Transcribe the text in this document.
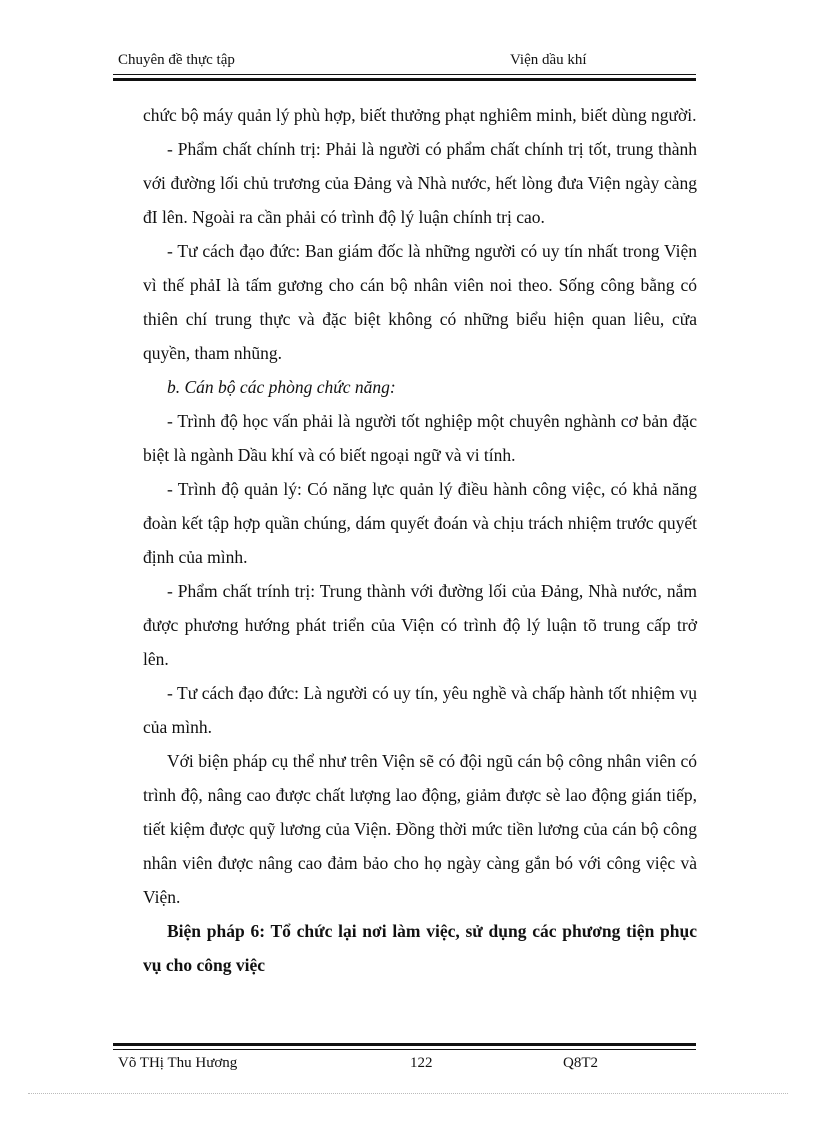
Chuyên đề thực tập	Viện dầu khí

chức bộ máy quản lý phù hợp, biết thưởng phạt nghiêm minh, biết dùng người.

- Phẩm chất chính trị: Phải là người có phẩm chất chính trị tốt, trung thành với đường lối chủ trương của Đảng và Nhà nước, hết lòng đưa Viện ngày càng đI lên. Ngoài ra cần phải có trình độ lý luận chính trị cao.

- Tư cách đạo đức: Ban giám đốc là những người có uy tín nhất trong Viện vì thế phảI là tấm gương cho cán bộ nhân viên noi theo. Sống công bằng có thiên chí trung thực và đặc biệt không có những biểu hiện quan liêu, cửa quyền, tham nhũng.

b. Cán bộ các phòng chức năng:

- Trình độ học vấn phải là người tốt nghiệp một chuyên nghành cơ bản đặc biệt là ngành Dầu khí và có biết ngoại ngữ và vi tính.

- Trình độ quản lý: Có năng lực quản lý điều hành công việc, có khả năng đoàn kết tập hợp quần chúng, dám quyết đoán và chịu trách nhiệm trước quyết định của mình.

- Phẩm chất trính trị: Trung thành với đường lối của Đảng, Nhà nước, nắm được phương hướng phát triển của Viện có trình độ lý luận tõ trung cấp trở lên.

- Tư cách đạo đức: Là người có uy tín, yêu nghề và chấp hành tốt nhiệm vụ của mình.

Với biện pháp cụ thể như trên Viện sẽ có đội ngũ cán bộ công nhân viên có trình độ, nâng cao được chất lượng lao động, giảm được sè lao động gián tiếp, tiết kiệm được quỹ lương của Viện. Đồng thời mức tiền lương của cán bộ công nhân viên được nâng cao đảm bảo cho họ ngày càng gắn bó với công việc và Viện.

Biện pháp 6: Tổ chức lại nơi làm việc, sử dụng các phương tiện phục vụ cho công việc

Võ THị Thu Hương	122	Q8T2
